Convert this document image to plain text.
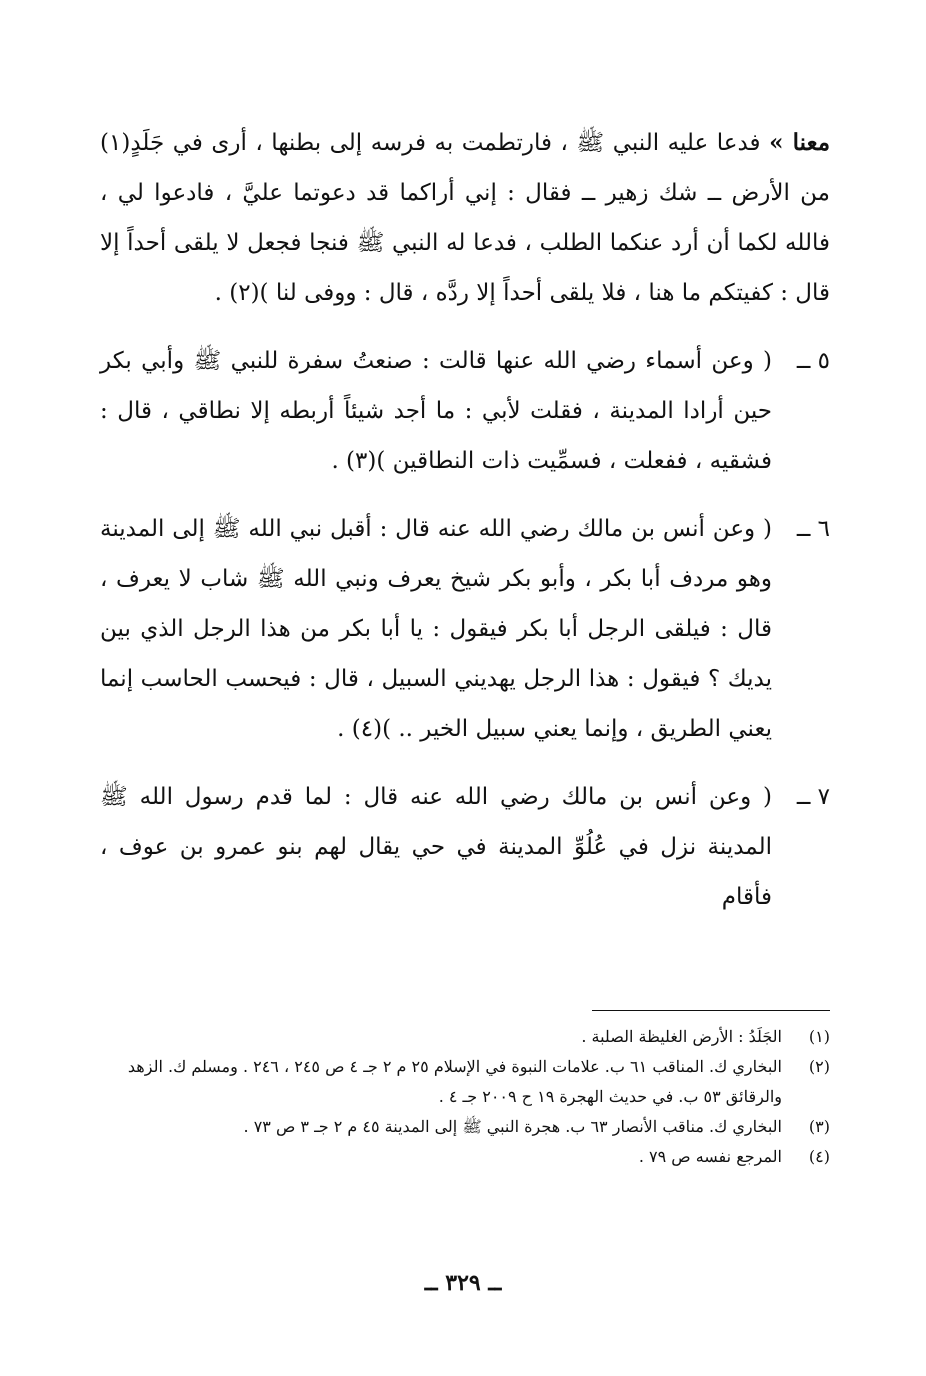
معنا » فدعا عليه النبي ﷺ ، فارتطمت به فرسه إلى بطنها ، أرى في جَلَدٍ(١) من الأرض ــ شك زهير ــ فقال : إني أراكما قد دعوتما عليَّ ، فادعوا لي ، فالله لكما أن أرد عنكما الطلب ، فدعا له النبي ﷺ فنجا فجعل لا يلقى أحداً إلا قال : كفيتكم ما هنا ، فلا يلقى أحداً إلا ردَّه ، قال : ووفى لنا )(٢) .

٥ ــ
( وعن أسماء رضي الله عنها قالت : صنعتُ سفرة للنبي ﷺ وأبي بكر حين أرادا المدينة ، فقلت لأبي : ما أجد شيئاً أربطه إلا نطاقي ، قال : فشقيه ، ففعلت ، فسمِّيت ذات النطاقين )(٣) .

٦ ــ
( وعن أنس بن مالك رضي الله عنه قال : أقبل نبي الله ﷺ إلى المدينة وهو مردف أبا بكر ، وأبو بكر شيخ يعرف ونبي الله ﷺ شاب لا يعرف ، قال : فيلقى الرجل أبا بكر فيقول : يا أبا بكر من هذا الرجل الذي بين يديك ؟ فيقول : هذا الرجل يهديني السبيل ، قال : فيحسب الحاسب إنما يعني الطريق ، وإنما يعني سبيل الخير .. )(٤) .

٧ ــ
( وعن أنس بن مالك رضي الله عنه قال : لما قدم رسول الله ﷺ المدينة نزل في عُلُوِّ المدينة في حي يقال لهم بنو عمرو بن عوف ، فأقام

(١)
الجَلَدُ : الأرض الغليظة الصلبة .
(٢)
البخاري ك. المناقب ٦١ ب. علامات النبوة في الإسلام ٢٥ م ٢ جـ ٤ ص ٢٤٥ ، ٢٤٦ . ومسلم ك. الزهد والرقائق ٥٣ ب. في حديث الهجرة ١٩ ح ٢٠٠٩ جـ ٤ .
(٣)
البخاري ك. مناقب الأنصار ٦٣ ب. هجرة النبي ﷺ إلى المدينة ٤٥ م ٢ جـ ٣ ص ٧٣ .
(٤)
المرجع نفسه ص ٧٩ .
ــ ٣٢٩ ــ
